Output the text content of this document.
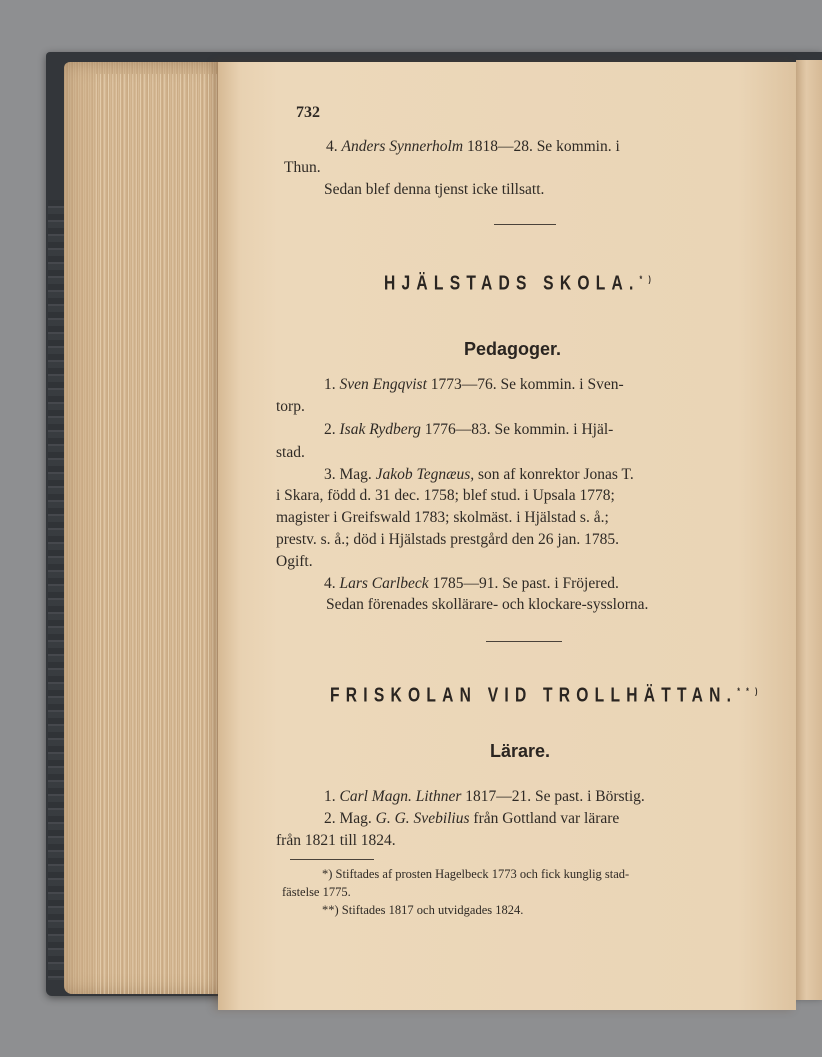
732

4. Anders Synnerholm 1818—28. Se kommin. i

Thun.

Sedan blef denna tjenst icke tillsatt.

HJÄLSTADS SKOLA.*)

Pedagoger.

1. Sven Engqvist 1773—76. Se kommin. i Sven-

torp.

2. Isak Rydberg 1776—83. Se kommin. i Hjäl-

stad.

3. Mag. Jakob Tegnæus, son af konrektor Jonas T.

i Skara, född d. 31 dec. 1758; blef stud. i Upsala 1778;

magister i Greifswald 1783; skolmäst. i Hjälstad s. å.;

prestv. s. å.; död i Hjälstads prestgård den 26 jan. 1785.

Ogift.

4. Lars Carlbeck 1785—91. Se past. i Fröjered.

Sedan förenades skollärare- och klockare-sysslorna.

FRISKOLAN VID TROLLHÄTTAN.**)

Lärare.

1. Carl Magn. Lithner 1817—21. Se past. i Börstig.

2. Mag. G. G. Svebilius från Gottland var lärare

från 1821 till 1824.

*) Stiftades af prosten Hagelbeck 1773 och fick kunglig stad-

fästelse 1775.

**) Stiftades 1817 och utvidgades 1824.
